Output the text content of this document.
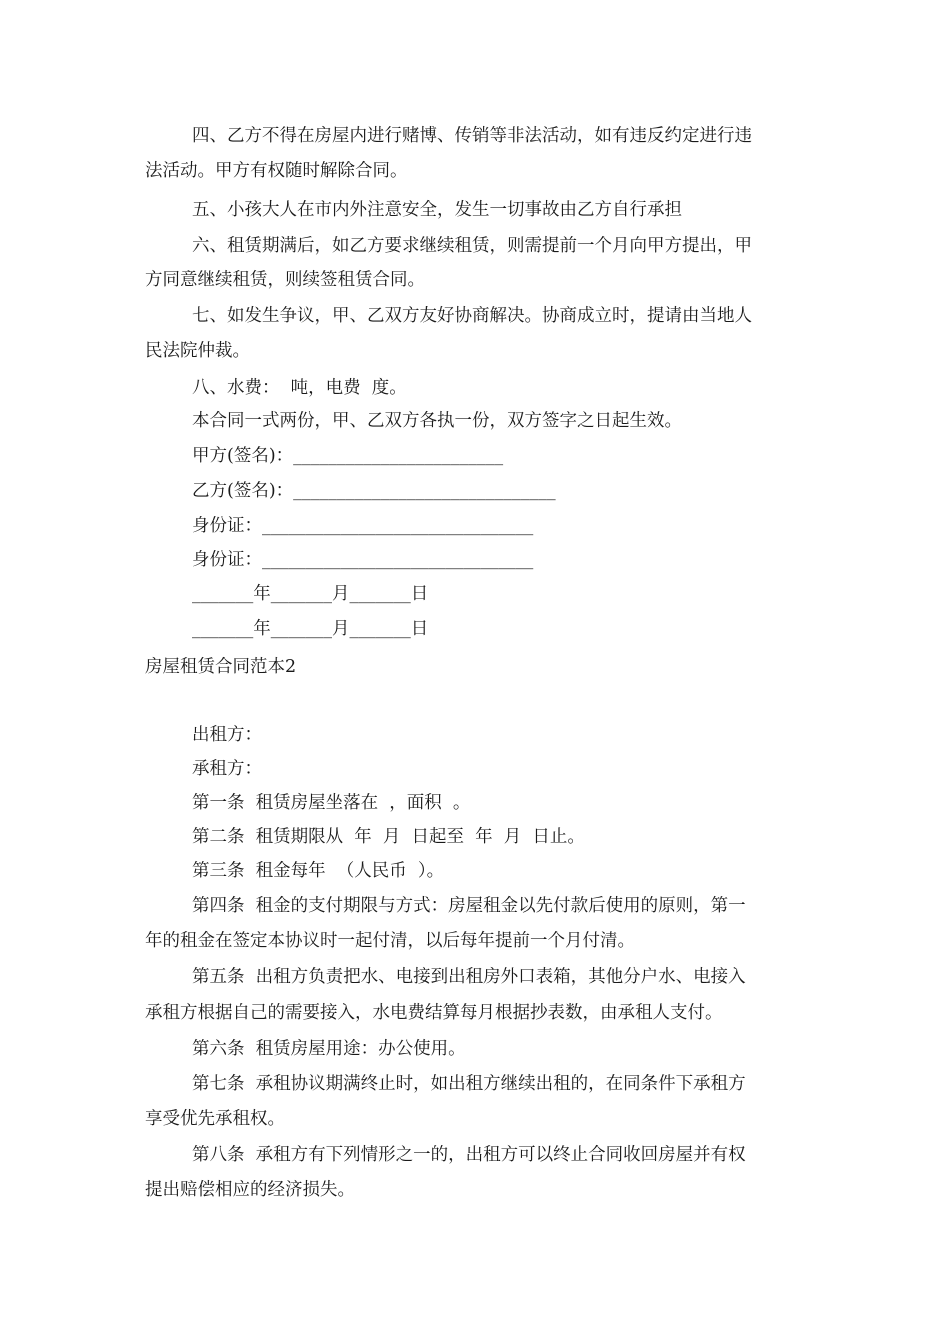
四、乙方不得在房屋内进行赌博、传销等非法活动，如有违反约定进行违
法活动。甲方有权随时解除合同。
五、小孩大人在市内外注意安全，发生一切事故由乙方自行承担
六、租赁期满后，如乙方要求继续租赁，则需提前一个月向甲方提出，甲
方同意继续租赁，则续签租赁合同。
七、如发生争议，甲、乙双方友好协商解决。协商成立时，提请由当地人
民法院仲裁。
八、水费：  吨，电费  度。
本合同一式两份，甲、乙双方各执一份，双方签字之日起生效。
甲方(签名)：________________________
乙方(签名)：______________________________
身份证：_______________________________
身份证：_______________________________
_______年_______月_______日
_______年_______月_______日
房屋租赁合同范本2
出租方：
承租方：
第一条  租赁房屋坐落在  ，面积  。
第二条  租赁期限从  年  月  日起至  年  月  日止。
第三条  租金每年  （人民币  ）。
第四条  租金的支付期限与方式：房屋租金以先付款后使用的原则，第一
年的租金在签定本协议时一起付清，以后每年提前一个月付清。
第五条  出租方负责把水、电接到出租房外口表箱，其他分户水、电接入
承租方根据自己的需要接入，水电费结算每月根据抄表数，由承租人支付。
第六条  租赁房屋用途：办公使用。
第七条  承租协议期满终止时，如出租方继续出租的，在同条件下承租方
享受优先承租权。
第八条  承租方有下列情形之一的，出租方可以终止合同收回房屋并有权
提出赔偿相应的经济损失。
